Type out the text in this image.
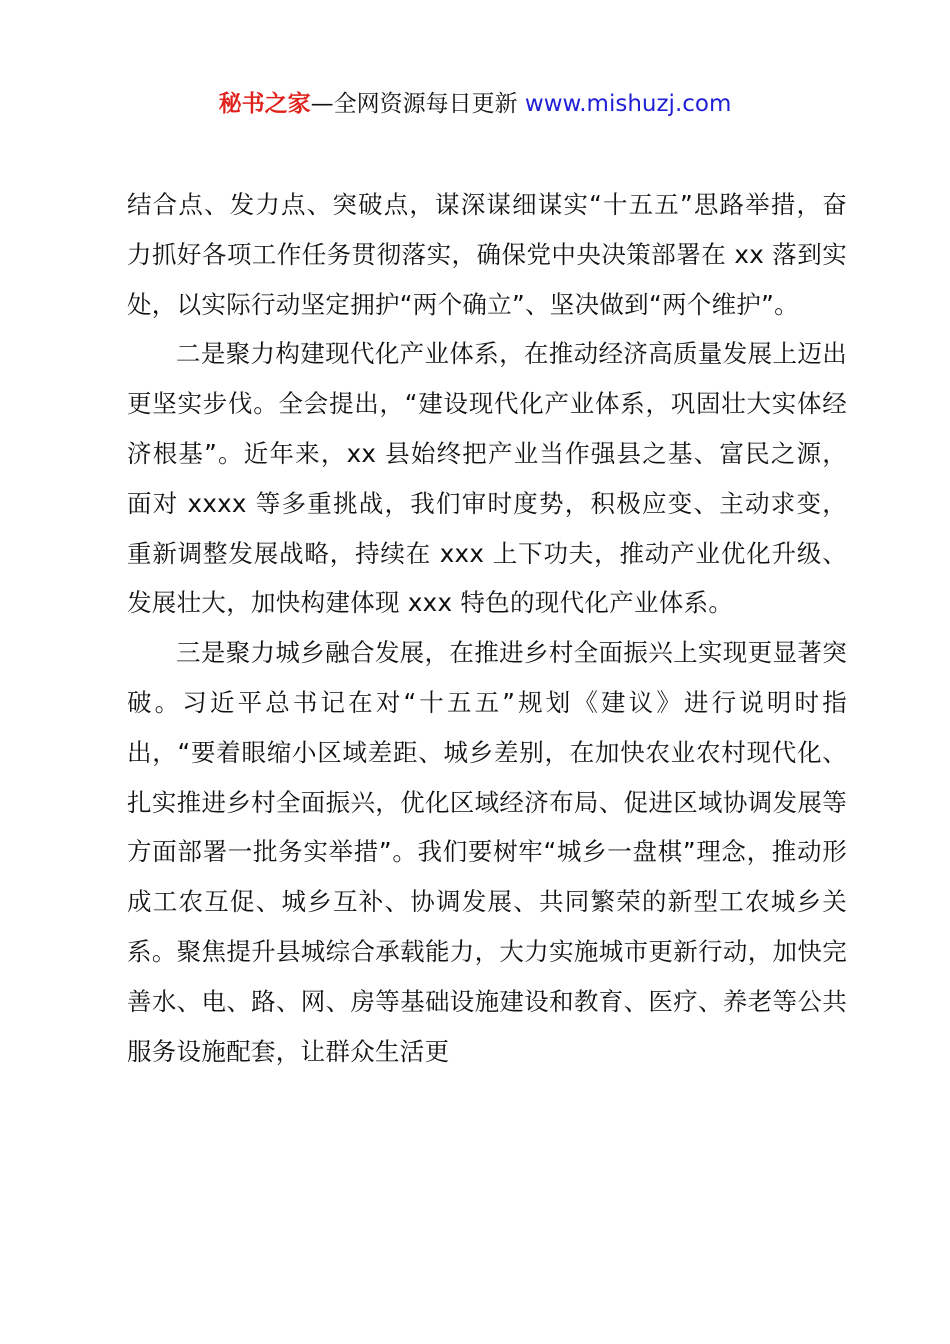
秘书之家—全网资源每日更新 www.mishuzj.com

结合点、发力点、突破点，谋深谋细谋实“十五五”思路举措，奋力抓好各项工作任务贯彻落实，确保党中央决策部署在 xx 落到实处，以实际行动坚定拥护“两个确立”、坚决做到“两个维护”。

二是聚力构建现代化产业体系，在推动经济高质量发展上迈出更坚实步伐。全会提出，“建设现代化产业体系，巩固壮大实体经济根基”。近年来，xx 县始终把产业当作强县之基、富民之源，面对 xxxx 等多重挑战，我们审时度势，积极应变、主动求变，重新调整发展战略，持续在 xxx 上下功夫，推动产业优化升级、发展壮大，加快构建体现 xxx 特色的现代化产业体系。

三是聚力城乡融合发展，在推进乡村全面振兴上实现更显著突破。习近平总书记在对“十五五”规划《建议》进行说明时指出，“要着眼缩小区域差距、城乡差别，在加快农业农村现代化、扎实推进乡村全面振兴，优化区域经济布局、促进区域协调发展等方面部署一批务实举措”。我们要树牢“城乡一盘棋”理念，推动形成工农互促、城乡互补、协调发展、共同繁荣的新型工农城乡关系。聚焦提升县城综合承载能力，大力实施城市更新行动，加快完善水、电、路、网、房等基础设施建设和教育、医疗、养老等公共服务设施配套，让群众生活更
